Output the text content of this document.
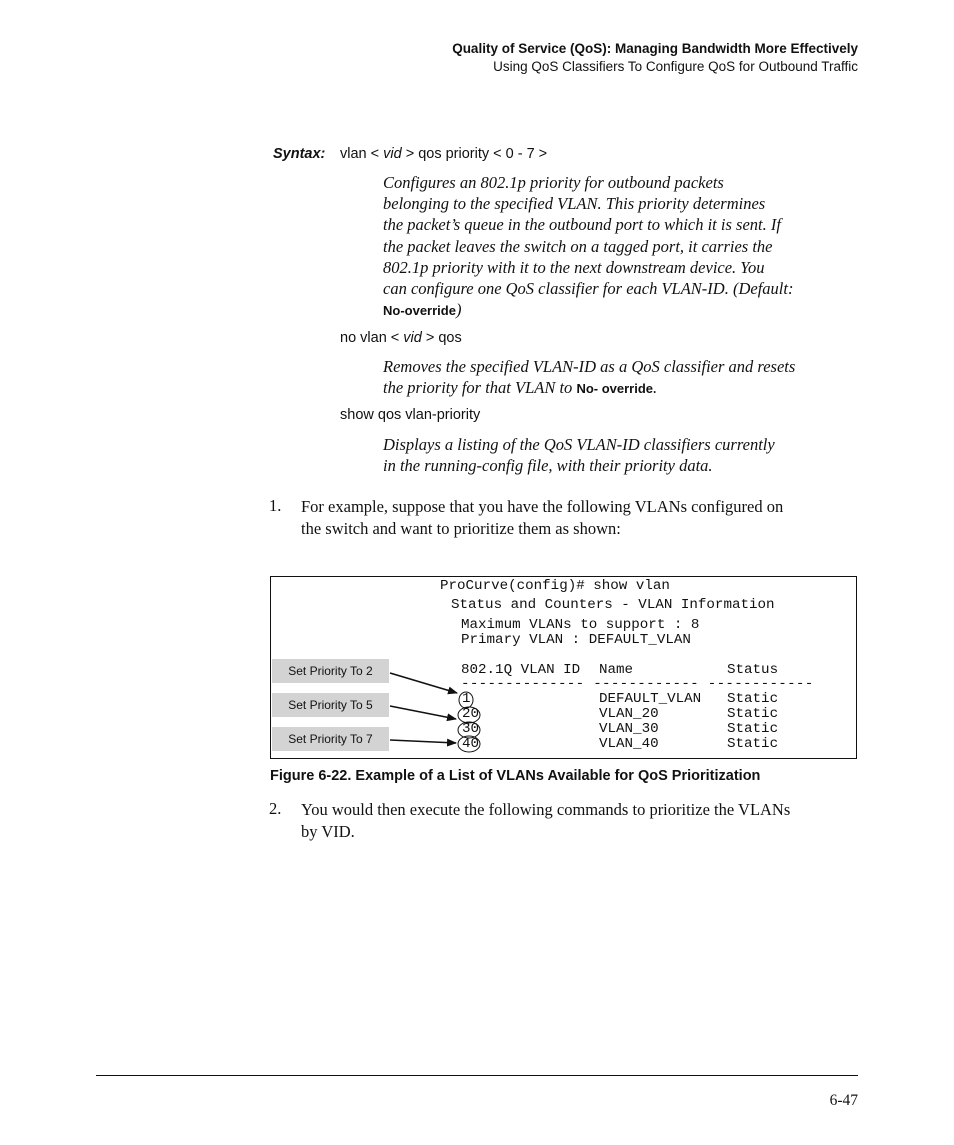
Quality of Service (QoS): Managing Bandwidth More Effectively
Using QoS Classifiers To Configure QoS for Outbound Traffic
Syntax: vlan < vid > qos priority < 0 - 7 >
Configures an 802.1p priority for outbound packets
belonging to the specified VLAN. This priority determines
the packet’s queue in the outbound port to which it is sent. If
the packet leaves the switch on a tagged port, it carries the
802.1p priority with it to the next downstream device. You
can configure one QoS classifier for each VLAN-ID. (Default:
No-override)
no vlan < vid > qos
Removes the specified VLAN-ID as a QoS classifier and resets
the priority for that VLAN to No- override.
show qos vlan-priority
Displays a listing of the QoS VLAN-ID classifiers currently
in the running-config file, with their priority data.
1. For example, suppose that you have the following VLANs configured on
the switch and want to prioritize them as shown:
ProCurve(config)# show vlan
Status and Counters - VLAN Information
Maximum VLANs to support : 8
Primary VLAN : DEFAULT_VLAN
802.1Q VLAN ID Name	Status
-------------- ------------ ------------
1	DEFAULT_VLAN Static
20	VLAN_20	Static
30	VLAN_30	Static
40	VLAN_40	Static
Set Priority To 2
Set Priority To 5
Set Priority To 7
Figure 6-22. Example of a List of VLANs Available for QoS Prioritization
2. You would then execute the following commands to prioritize the VLANs
by VID.
6-47
